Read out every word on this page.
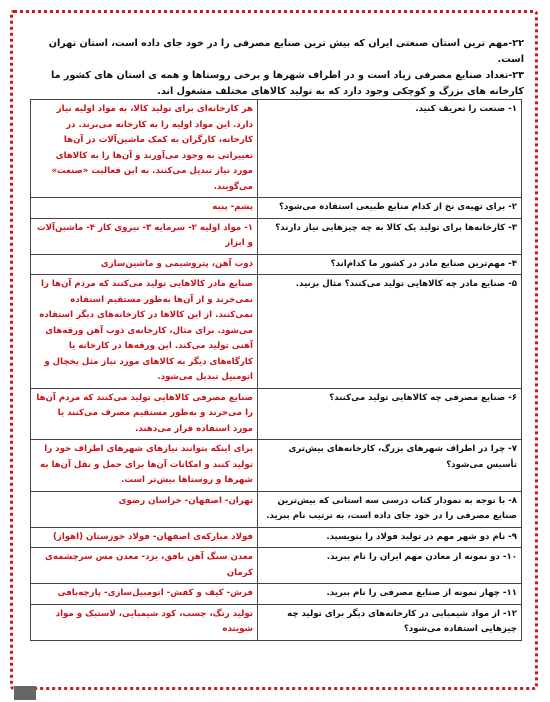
۲۲-مهم ترین استان صنعتی ایران که بیش ترین صنایع مصرفی را در خود جای داده است، استان تهران است.

۲۳-تعداد صنایع مصرفی زیاد است و در اطراف شهرها و برخی روستاها و همه ی استان های کشور ما کارخانه های بزرگ و کوچکی وجود دارد که به تولید کالاهای مختلف مشغول اند.

۱- صنعت را تعریف کنید.	هر کارخانه‌ای برای تولید کالا، به مواد اولیه نیاز دارد. این مواد اولیه را به کارخانه می‌برند. در کارخانه، کارگران به کمک ماشین‌آلات در آن‌ها تغییراتی به وجود می‌آورند و آن‌ها را به کالاهای مورد نیاز تبدیل می‌کنند. به این فعالیت «صنعت» می‌گویند.
۲- برای تهیه‌ی نخ از کدام منابع طبیعی استفاده می‌شود؟	پشم- پنبه
۳- کارخانه‌ها برای تولید یک کالا به چه چیزهایی نیاز دارند؟	۱- مواد اولیه ۲- سرمایه ۳- نیروی کار ۴- ماشین‌آلات و ابزار
۴- مهم‌ترین صنایع مادر در کشور ما کدام‌اند؟	ذوب آهن، پتروشیمی و ماشین‌سازی
۵- صنایع مادر چه کالاهایی تولید می‌کنند؟ مثال بزنید.	صنایع مادر کالاهایی تولید می‌کنند که مردم آن‌ها را نمی‌خرند و از آن‌ها به‌طور مستقیم استفاده نمی‌کنند. از این کالاها در کارخانه‌های دیگر استفاده می‌شود. برای مثال، کارخانه‌ی ذوب آهن ورقه‌های آهنی تولید می‌کند. این ورقه‌ها در کارخانه یا کارگاه‌های دیگر به کالاهای مورد نیاز مثل یخچال و اتومبیل تبدیل می‌شود.
۶- صنایع مصرفی چه کالاهایی تولید می‌کنند؟	صنایع مصرفی کالاهایی تولید می‌کنند که مردم آن‌ها را می‌خرند و به‌طور مستقیم مصرف می‌کنند یا مورد استفاده قرار می‌دهند.
۷- چرا در اطراف شهرهای بزرگ، کارخانه‌های بیش‌تری تأسیس می‌شود؟	برای اینکه بتوانند نیازهای شهرهای اطراف خود را تولید کنند و امکانات آن‌ها برای حمل و نقل آن‌ها به شهرها و روستاها بیش‌تر است.
۸- با توجه به نمودار کتاب درسی سه استانی که بیش‌ترین صنایع مصرفی را در خود جای داده است، به ترتیب نام ببرید.	تهران- اصفهان- خراسان رضوی
۹- نام دو شهر مهم در تولید فولاد را بنویسید.	فولاد مبارکه‌ی اصفهان- فولاد خوزستان (اهواز)
۱۰- دو نمونه از معادن مهم ایران را نام ببرید.	معدن سنگ آهن بافق، یزد- معدن مس سرچشمه‌ی کرمان
۱۱- چهار نمونه از صنایع مصرفی را نام ببرید.	فرش- کیف و کفش- اتومبیل‌سازی- پارچه‌بافی
۱۲- از مواد شیمیایی در کارخانه‌های دیگر برای تولید چه چیزهایی استفاده می‌شود؟	تولید رنگ، چسب، کود شیمیایی، لاستیک و مواد شوینده
